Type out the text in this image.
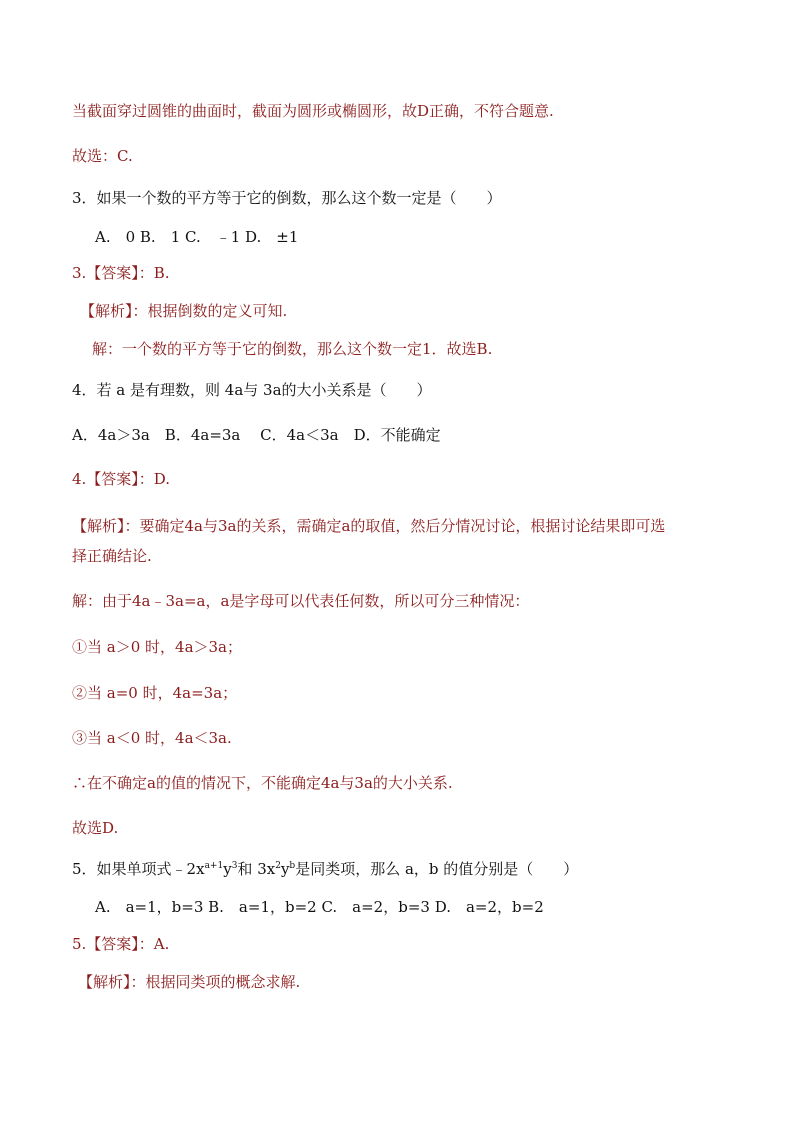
当截面穿过圆锥的曲面时，截面为圆形或椭圆形，故D正确，不符合题意.
故选：C.
3．如果一个数的平方等于它的倒数，那么这个数一定是（　　）
A.　0 B.　1 C.　﹣1 D.　±1
3.【答案】：B.
【解析】：根据倒数的定义可知.
解：一个数的平方等于它的倒数，那么这个数一定1．故选B.
4．若 a 是有理数，则 4a与 3a的大小关系是（　　）
A．4a＞3a　B．4a=3a　 C．4a＜3a　D．不能确定
4.【答案】：D.
【解析】：要确定4a与3a的关系，需确定a的取值，然后分情况讨论，根据讨论结果即可选
择正确结论.
解：由于4a﹣3a=a，a是字母可以代表任何数，所以可分三种情况：
①当 a＞0 时，4a＞3a；
②当 a=0 时，4a=3a；
③当 a＜0 时，4a＜3a.
∴在不确定a的值的情况下，不能确定4a与3a的大小关系.
故选D.
5．如果单项式$﹣2x^{a+1}y^3$和 $3x^2y^b$是同类项，那么 a，b 的值分别是（　　）
A.　a=1，b=3 B.　a=1，b=2 C.　a=2，b=3 D.　a=2，b=2
5.【答案】：A.
【解析】：根据同类项的概念求解.
